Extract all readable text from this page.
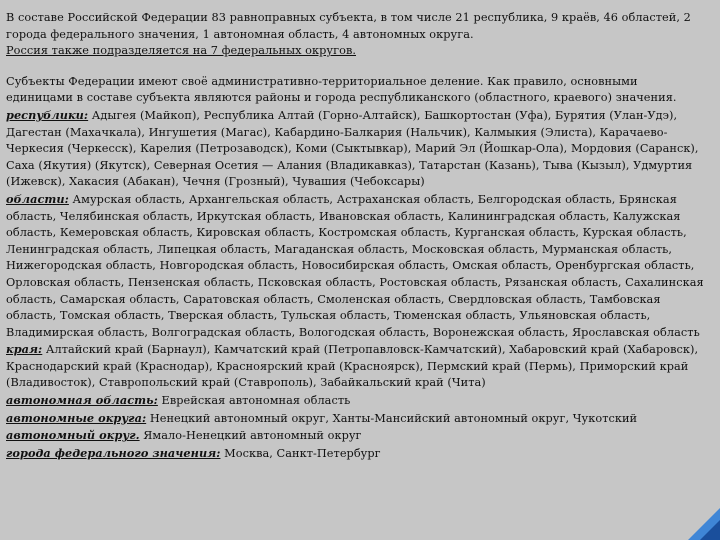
В составе Российской Федерации 83 равноправных субъекта, в том числе 21 республика, 9 краёв, 46 областей, 2 города федерального значения, 1 автономная область, 4 автономных округа.
Россия также подразделяется на 7 федеральных округов.

Субъекты Федерации имеют своё административно-территориальное деление. Как правило, основными единицами в составе субъекта являются районы и города республиканского (областного, краевого) значения.
республики: Адыгея (Майкоп), Республика Алтай (Горно-Алтайск), Башкортостан (Уфа), Бурятия (Улан-Удэ), Дагестан (Махачкала), Ингушетия (Магас), Кабардино-Балкария (Нальчик), Калмыкия (Элиста), Карачаево-Черкесия (Черкесск), Карелия (Петрозаводск), Коми (Сыктывкар), Марий Эл (Йошкар-Ола), Мордовия (Саранск), Саха (Якутия) (Якутск), Северная Осетия — Алания (Владикавказ), Татарстан (Казань), Тыва (Кызыл), Удмуртия (Ижевск), Хакасия (Абакан), Чечня (Грозный), Чувашия (Чебоксары)
области: Амурская область, Архангельская область, Астраханская область, Белгородская область, Брянская область, Челябинская область, Иркутская область, Ивановская область, Калининградская область, Калужская область, Кемеровская область, Кировская область, Костромская область, Курганская область, Курская область, Ленинградская область, Липецкая область, Магаданская область, Московская область, Мурманская область, Нижегородская область, Новгородская область, Новосибирская область, Омская область, Оренбургская область, Орловская область, Пензенская область, Псковская область, Ростовская область, Рязанская область, Сахалинская область, Самарская область, Саратовская область, Смоленская область, Свердловская область, Тамбовская область, Томская область, Тверская область, Тульская область, Тюменская область, Ульяновская область, Владимирская область, Волгоградская область, Вологодская область, Воронежская область, Ярославская область
края: Алтайский край (Барнаул), Камчатский край (Петропавловск-Камчатский), Хабаровский край (Хабаровск), Краснодарский край (Краснодар), Красноярский край (Красноярск), Пермский край (Пермь), Приморский край (Владивосток), Ставропольский край (Ставрополь), Забайкальский край (Чита)
автономная область: Еврейская автономная область
автономные округа: Ненецкий автономный округ, Ханты-Мансийский автономный округ, Чукотский
автономный округ. Ямало-Ненецкий автономный округ
города федерального значения: Москва, Санкт-Петербург
